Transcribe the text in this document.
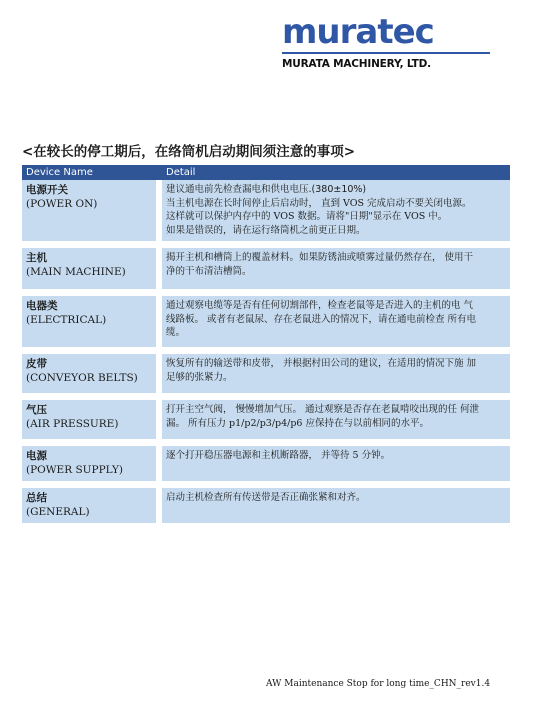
muratec
MURATA MACHINERY, LTD.
<在较长的停工期后，在络筒机启动期间须注意的事项>
Device Name	Detail

电源开关
(POWER ON)	建议通电前先检查漏电和供电电压.(380±10%)
当主机电源在长时间停止后启动时， 直到 VOS 完成启动不要关闭电源。
这样就可以保护内存中的 VOS 数据。请将"日期"显示在 VOS 中。
如果是错误的，请在运行络筒机之前更正日期。

主机
(MAIN MACHINE)	揭开主机和槽筒上的覆盖材料。如果防锈油或喷雾过量仍然存在， 使用干
净的干布清洁槽筒。

电器类
(ELECTRICAL)	通过观察电缆等是否有任何切割部件，检查老鼠等是否进入的主机的电 气
线路板。 或者有老鼠尿、存在老鼠进入的情况下，请在通电前检查 所有电
缆。

皮带
(CONVEYOR BELTS)	恢复所有的输送带和皮带， 并根据村田公司的建议，在适用的情况下施 加
足够的张紧力。

气压
(AIR PRESSURE)	打开主空气阀， 慢慢增加气压。 通过观察是否存在老鼠啃咬出现的任 何泄
漏。 所有压力 p1/p2/p3/p4/p6 应保持在与以前相同的水平。

电源
(POWER SUPPLY)	逐个打开稳压器电源和主机断路器， 并等待 5 分钟。

总结
(GENERAL)	启动主机检查所有传送带是否正确张紧和对齐。
AW Maintenance Stop for long time_CHN_rev1.4
